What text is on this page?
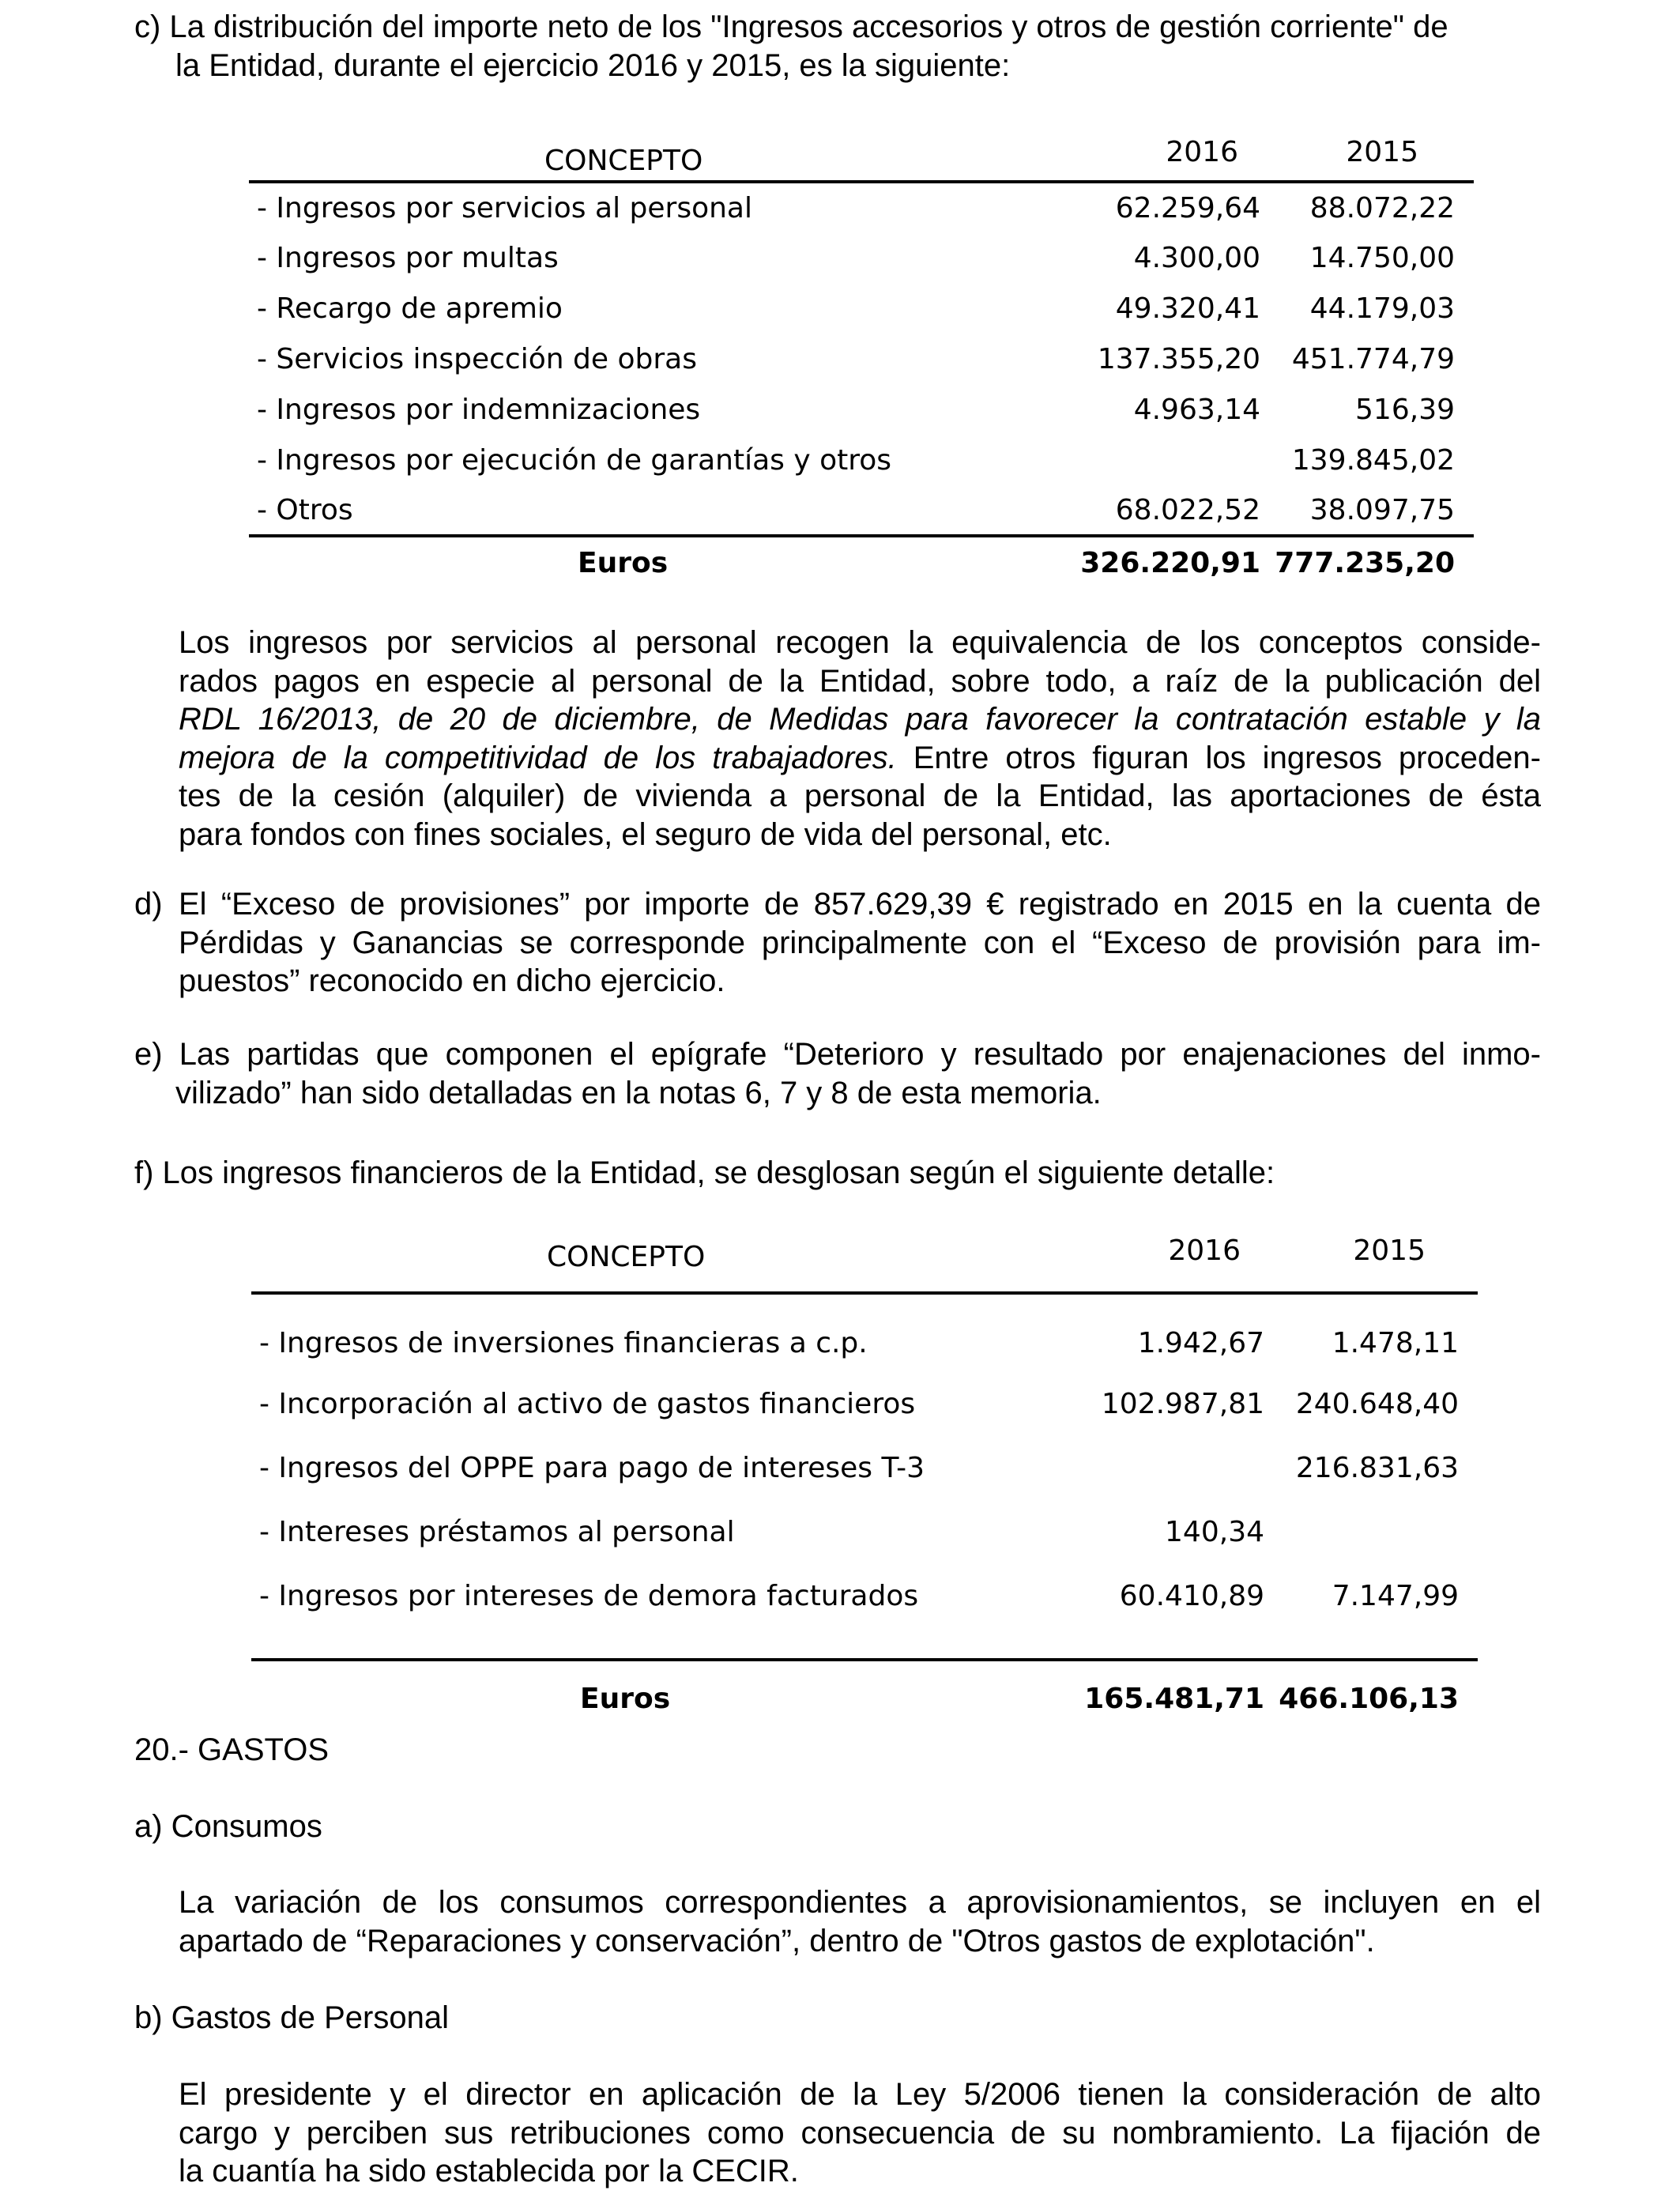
c) La distribución del importe neto de los "Ingresos accesorios y otros de gestión corriente" de
la Entidad, durante el ejercicio 2016 y 2015, es la siguiente:
CONCEPTO	2016	2015
- Ingresos por servicios al personal	62.259,64	88.072,22
- Ingresos por multas	4.300,00	14.750,00
- Recargo de apremio	49.320,41	44.179,03
- Servicios inspección de obras	137.355,20	451.774,79
- Ingresos por indemnizaciones	4.963,14	516,39
- Ingresos por ejecución de garantías y otros		139.845,02
- Otros	68.022,52	38.097,75
Euros	326.220,91	777.235,20
Los ingresos por servicios al personal recogen la equivalencia de los conceptos conside-
rados pagos en especie al personal de la Entidad, sobre todo, a raíz de la publicación del
RDL 16/2013, de 20 de diciembre, de Medidas para favorecer la contratación estable y la
mejora de la competitividad de los trabajadores. Entre otros figuran los ingresos proceden-
tes de la cesión (alquiler) de vivienda a personal de la Entidad, las aportaciones de ésta
para fondos con fines sociales, el seguro de vida del personal, etc.
d) El “Exceso de provisiones” por importe de 857.629,39 € registrado en 2015 en la cuenta de
Pérdidas y Ganancias se corresponde principalmente con el “Exceso de provisión para im-
puestos” reconocido en dicho ejercicio.
e) Las partidas que componen el epígrafe “Deterioro y resultado por enajenaciones del inmo-
vilizado” han sido detalladas en la notas 6, 7 y 8 de esta memoria.
f) Los ingresos financieros de la Entidad, se desglosan según el siguiente detalle:
CONCEPTO	2016	2015
- Ingresos de inversiones financieras a c.p.	1.942,67	1.478,11
- Incorporación al activo de gastos financieros	102.987,81	240.648,40
- Ingresos del OPPE para pago de intereses T-3		216.831,63
- Intereses préstamos al personal	140,34	
- Ingresos por intereses de demora facturados	60.410,89	7.147,99

Euros	165.481,71	466.106,13
20.- GASTOS
a) Consumos
La variación de los consumos correspondientes a aprovisionamientos, se incluyen en el
apartado de “Reparaciones y conservación”, dentro de "Otros gastos de explotación".
b) Gastos de Personal
El presidente y el director en aplicación de la Ley 5/2006 tienen la consideración de alto
cargo y perciben sus retribuciones como consecuencia de su nombramiento. La fijación de
la cuantía ha sido establecida por la CECIR.
